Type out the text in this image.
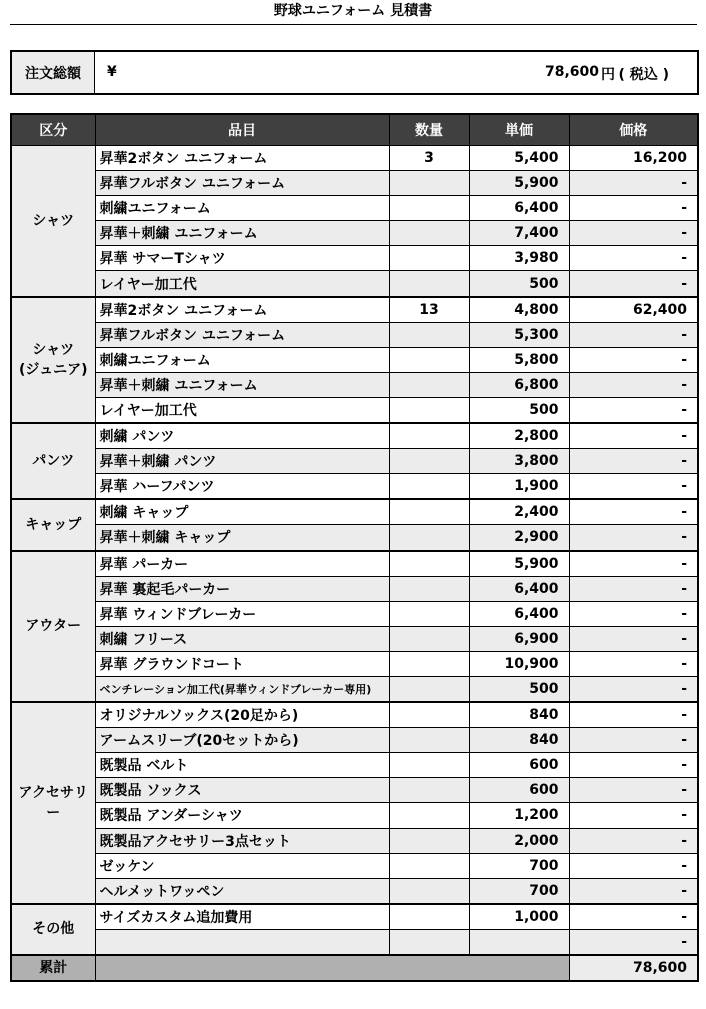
野球ユニフォーム 見積書
注文総額	¥	78,600 円 ( 税込 )
区分	品目	数量	単価	価格
シャツ	昇華2ボタン ユニフォーム	3	5,400	16,200
	昇華フルボタン ユニフォーム		5,900	-
	刺繍ユニフォーム		6,400	-
	昇華＋刺繍 ユニフォーム		7,400	-
	昇華 サマーTシャツ		3,980	-
	レイヤー加工代		500	-
シャツ
(ジュニア)	昇華2ボタン ユニフォーム	13	4,800	62,400
	昇華フルボタン ユニフォーム		5,300	-
	刺繍ユニフォーム		5,800	-
	昇華＋刺繍 ユニフォーム		6,800	-
	レイヤー加工代		500	-
パンツ	刺繍 パンツ		2,800	-
	昇華＋刺繍 パンツ		3,800	-
	昇華 ハーフパンツ		1,900	-
キャップ	刺繍 キャップ		2,400	-
	昇華＋刺繍 キャップ		2,900	-
アウター	昇華 パーカー		5,900	-
	昇華 裏起毛パーカー		6,400	-
	昇華 ウィンドブレーカー		6,400	-
	刺繍 フリース		6,900	-
	昇華 グラウンドコート		10,900	-
	ベンチレーション加工代(昇華ウィンドブレーカー専用)		500	-
アクセサリー	オリジナルソックス(20足から)		840	-
	アームスリーブ(20セットから)		840	-
	既製品 ベルト		600	-
	既製品 ソックス		600	-
	既製品 アンダーシャツ		1,200	-
	既製品アクセサリー3点セット		2,000	-
	ゼッケン		700	-
	ヘルメットワッペン		700	-
その他	サイズカスタム追加費用		1,000	-
				-
累計				78,600
